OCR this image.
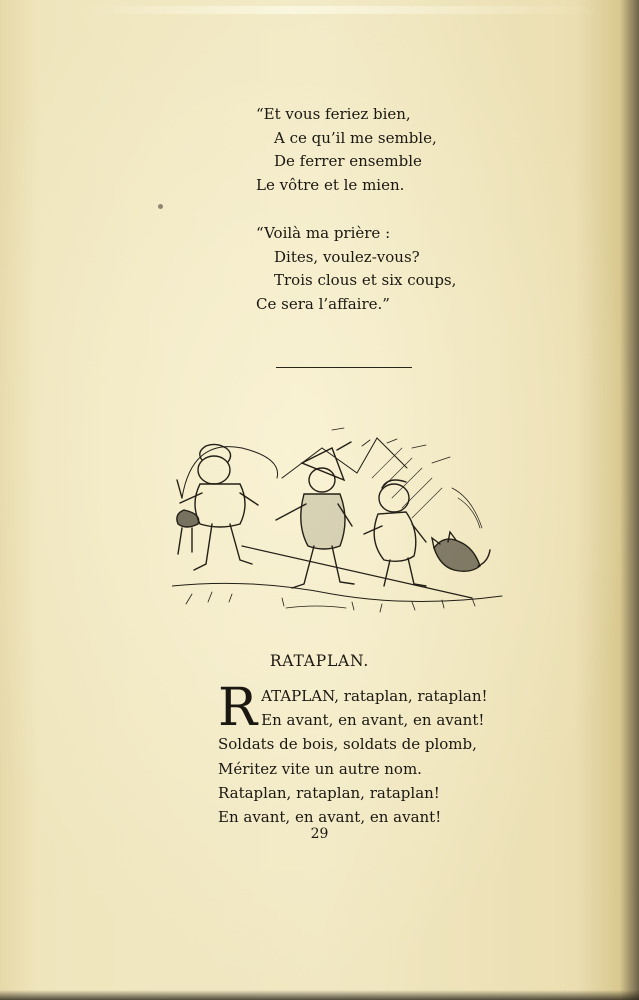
“Et vous feriez bien,
A ce qu’il me semble,
De ferrer ensemble
Le vôtre et le mien.
“Voilà ma prière :
Dites, voulez-vous?
Trois clous et six coups,
Ce sera l’affaire.”
RATAPLAN.
R ATAPLAN, rataplan, rataplan!
En avant, en avant, en avant!
Soldats de bois, soldats de plomb,
Méritez vite un autre nom.
Rataplan, rataplan, rataplan!
En avant, en avant, en avant!
29
